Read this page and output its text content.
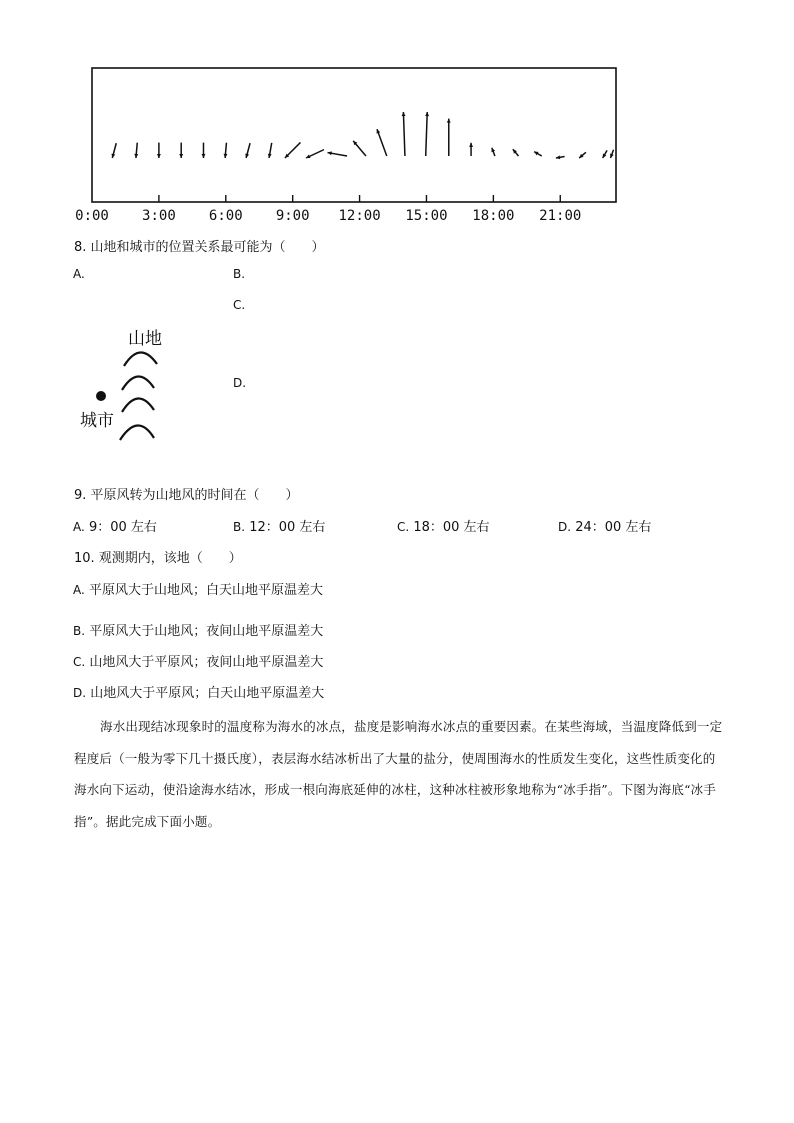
0:00 3:00 6:00 9:00 12:00 15:00 18:00 21:00
8. 山地和城市的位置关系最可能为（　　）
A.	B.
C.
D.
山地
城市
9. 平原风转为山地风的时间在（　　）
A. 9：00 左右	B. 12：00 左右	C. 18：00 左右	D. 24：00 左右
10. 观测期内，该地（　　）
A. 平原风大于山地风；白天山地平原温差大
B. 平原风大于山地风；夜间山地平原温差大
C. 山地风大于平原风；夜间山地平原温差大
D. 山地风大于平原风；白天山地平原温差大
海水出现结冰现象时的温度称为海水的冰点，盐度是影响海水冰点的重要因素。在某些海域，当温度降低到一定程度后（一般为零下几十摄氏度），表层海水结冰析出了大量的盐分，使周围海水的性质发生变化，这些性质变化的海水向下运动，使沿途海水结冰，形成一根向海底延伸的冰柱，这种冰柱被形象地称为“冰手指”。下图为海底“冰手指”。据此完成下面小题。
